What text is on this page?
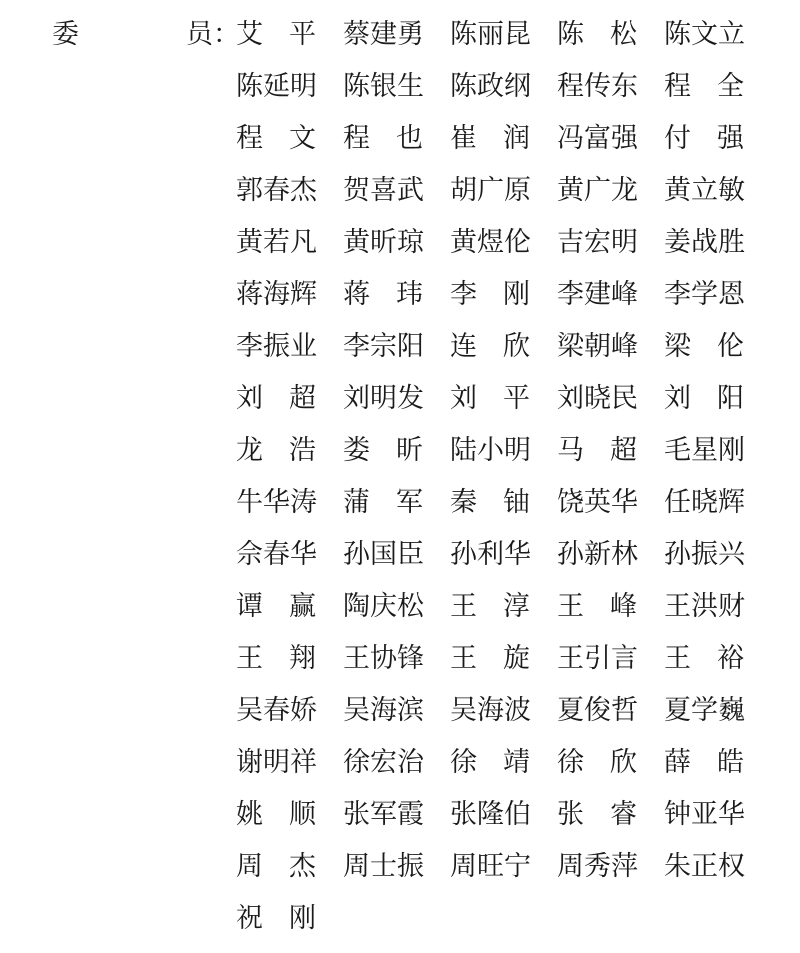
委	员：
艾平	蔡建勇 陈丽昆 陈松	陈文立
陈延明 陈银生 陈政纲 程传东 程全
程文	程也	崔润	冯富强 付强
郭春杰 贺喜武 胡广原 黄广龙 黄立敏
黄若凡 黄昕琼 黄煜伦 吉宏明 姜战胜
蒋海辉 蒋玮	李刚	李建峰 李学恩
李振业 李宗阳 连欣	梁朝峰 梁伦
刘超	刘明发 刘平	刘晓民 刘阳
龙浩	娄昕	陆小明 马超	毛星刚
牛华涛 蒲军	秦铀	饶英华 任晓辉
佘春华 孙国臣 孙利华 孙新林 孙振兴
谭赢	陶庆松 王淳	王峰	王洪财
王翔	王协锋 王旋	王引言 王裕
吴春娇 吴海滨 吴海波 夏俊哲 夏学巍
谢明祥 徐宏治 徐靖	徐欣	薛皓
姚顺	张军霞 张隆伯 张睿	钟亚华
周杰	周士振 周旺宁 周秀萍 朱正权
祝刚
